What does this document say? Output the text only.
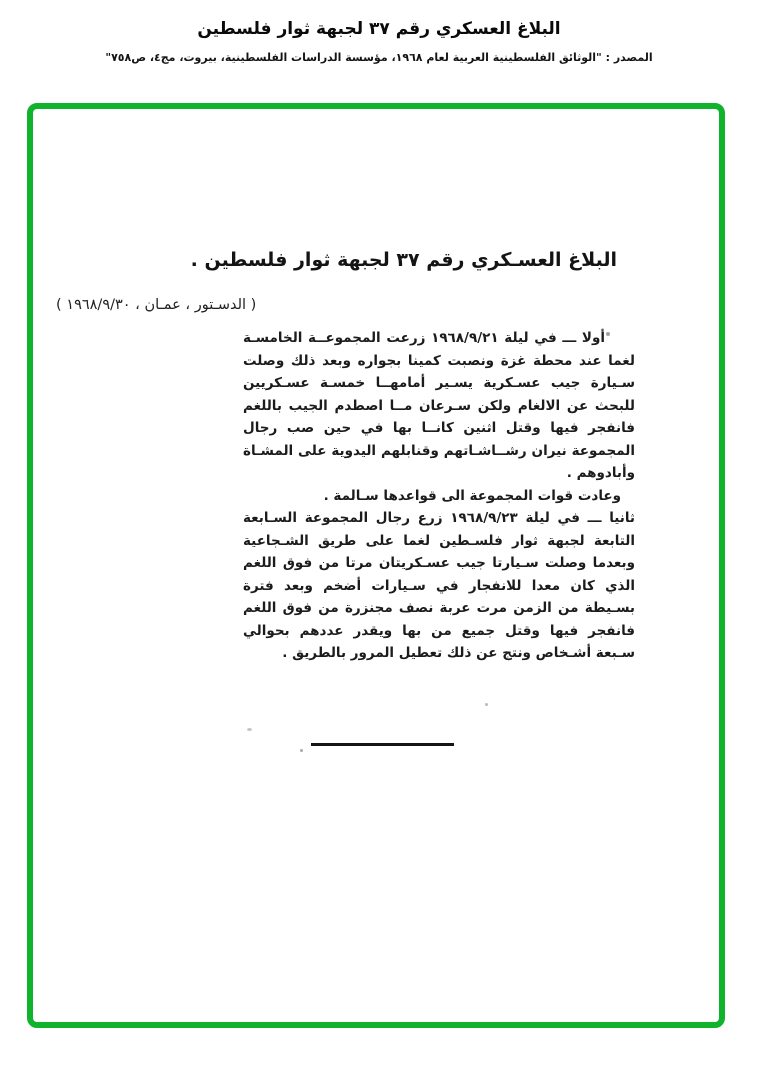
البلاغ العسكري رقم ٣٧ لجبهة ثوار فلسطين
المصدر : "الوثائق الفلسطينية العربية لعام ١٩٦٨، مؤسسة الدراسات الفلسطينية، بيروت، مج٤، ص٧٥٨"
البلاغ العسـكري رقم ٣٧ لجبهة ثوار فلسطين .
( الدسـتور ، عمـان ، ١٩٦٨/٩/٣٠ )

أولا ـــ في ليلة ١٩٦٨/٩/٢١ زرعت المجموعــة الخامسـة لغما عند محطة غزة ونصبت كمينا بجواره وبعد ذلك وصلت سـيارة جيب عسـكرية يسـير أمامهــا خمسـة عسـكريين للبحث عن الالغام ولكن سـرعان مــا اصطدم الجيب باللغم فانفجر فيها وقتل اثنين كانــا بها في حين صب رجال المجموعة نيران رشــاشـاتهم وقنابلهم اليدوية على المشـاة وأبادوهم .

وعادت قوات المجموعة الى قواعدها سـالمة .

ثانيا ـــ في ليلة ١٩٦٨/٩/٢٣ زرع رجال المجموعة السـابعة التابعة لجبهة ثوار فلسـطين لغما على طريق الشـجاعية وبعدما وصلت سـيارتا جيب عسـكريتان مرتا من فوق اللغم الذي كان معدا للانفجار في سـيارات أضخم وبعد فترة بسـيطة من الزمن مرت عربة نصف مجنزرة من فوق اللغم فانفجر فيها وقتل جميع من بها ويقدر عددهم بحوالي سـبعة أشـخاص ونتج عن ذلك تعطيل المرور بالطريق .
